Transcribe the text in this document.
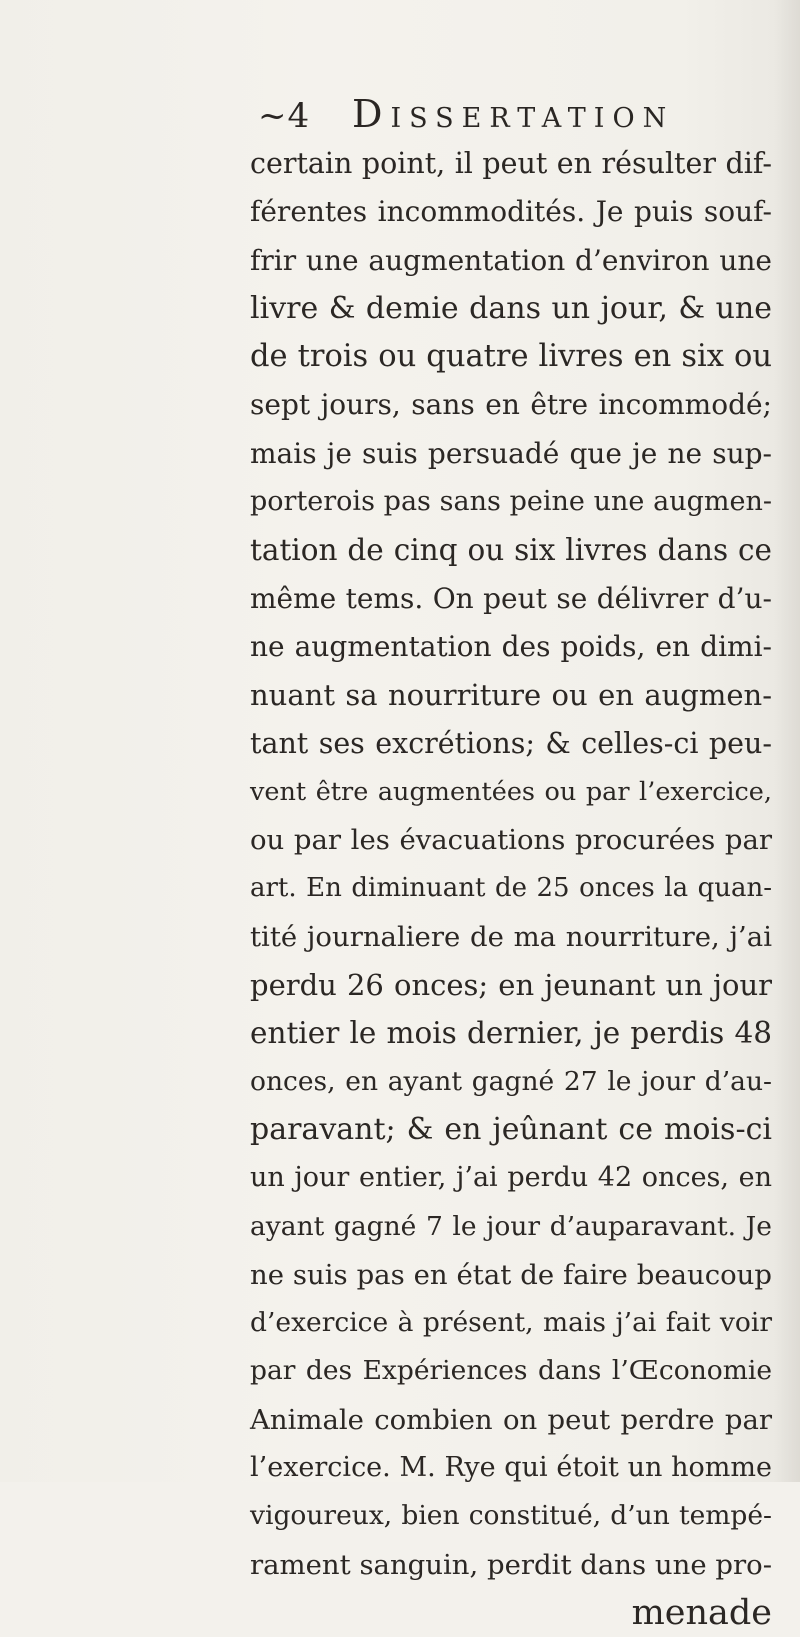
~4 Dissertation
certain point, il peut en résulter dif-
férentes incommodités. Je puis souf-
frir une augmentation d’environ une
livre & demie dans un jour, & une
de trois ou quatre livres en six ou
sept jours, sans en être incommodé;
mais je suis persuadé que je ne sup-
porterois pas sans peine une augmen-
tation de cinq ou six livres dans ce
même tems. On peut se délivrer d’u-
ne augmentation des poids, en dimi-
nuant sa nourriture ou en augmen-
tant ses excrétions; & celles-ci peu-
vent être augmentées ou par l’exercice,
ou par les évacuations procurées par
art. En diminuant de 25 onces la quan-
tité journaliere de ma nourriture, j’ai
perdu 26 onces; en jeunant un jour
entier le mois dernier, je perdis 48
onces, en ayant gagné 27 le jour d’au-
paravant; & en jeûnant ce mois-ci
un jour entier, j’ai perdu 42 onces, en
ayant gagné 7 le jour d’auparavant. Je
ne suis pas en état de faire beaucoup
d’exercice à présent, mais j’ai fait voir
par des Expériences dans l’Œconomie
Animale combien on peut perdre par
l’exercice. M. Rye qui étoit un homme
vigoureux, bien constitué, d’un tempé-
rament sanguin, perdit dans une pro-
menade
